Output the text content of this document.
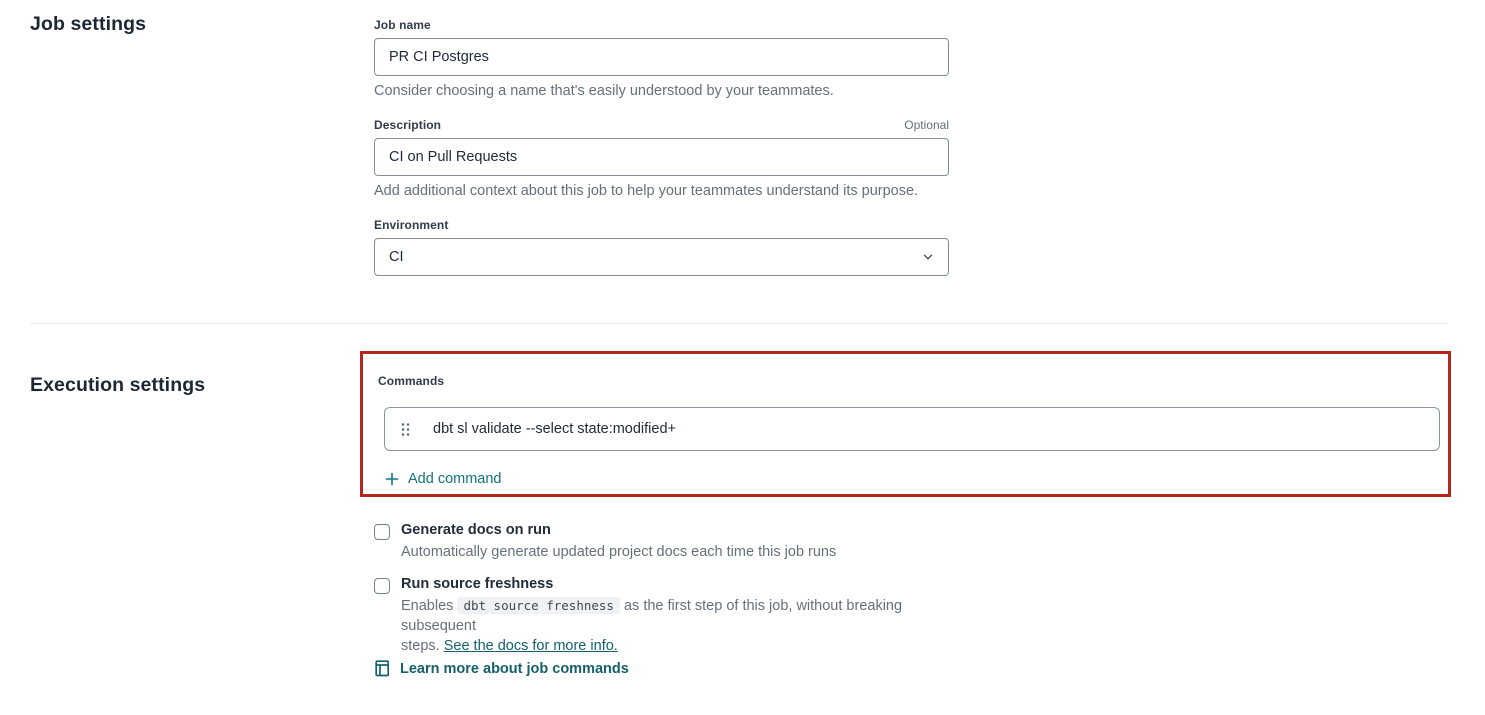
Job settings	Job name
PR CI Postgres
Consider choosing a name that's easily understood by your teammates.
Description	Optional
CI on Pull Requests
Add additional context about this job to help your teammates understand its purpose.
Environment
CI
Execution settings	Commands
dbt sl validate --select state:modified+
Add command
Generate docs on run
Automatically generate updated project docs each time this job runs
Run source freshness
Enables dbt source freshness as the first step of this job, without breaking subsequent
steps. See the docs for more info.
Learn more about job commands
